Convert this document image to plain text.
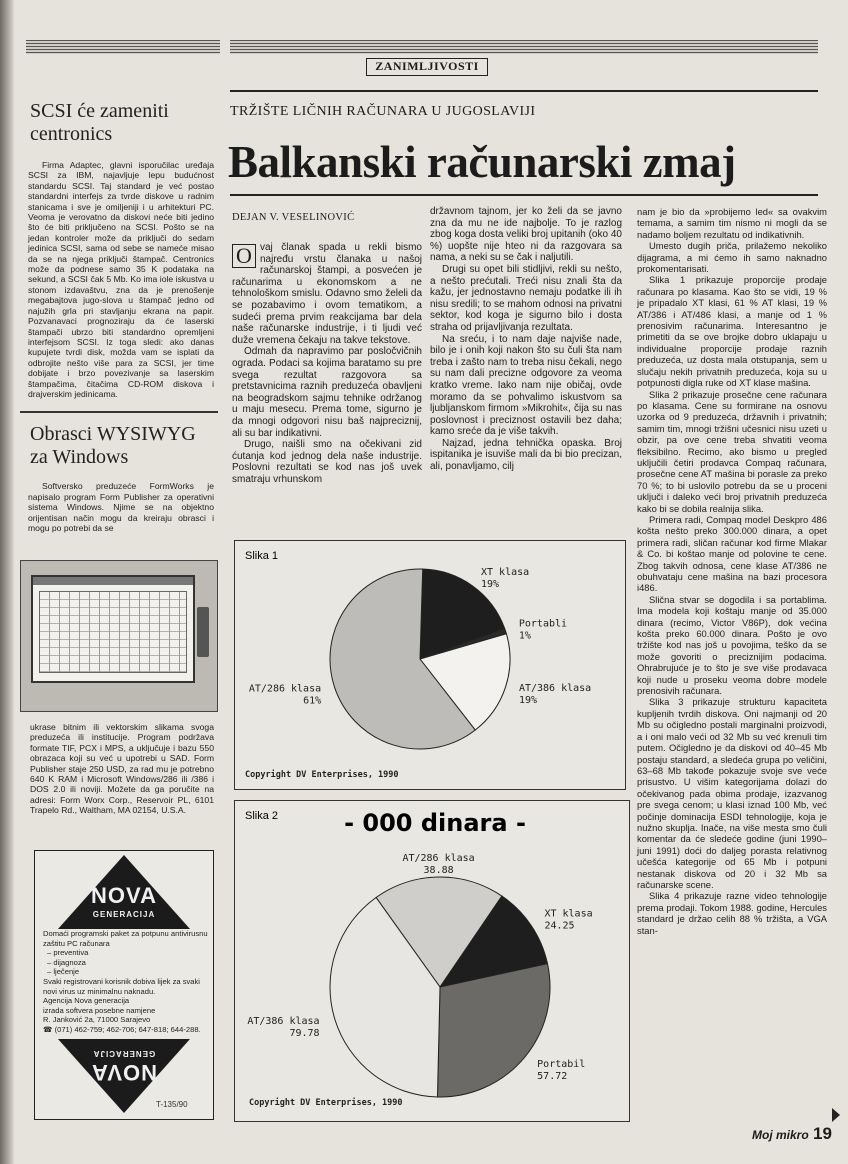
SCSI će zameniti centronics

Firma Adaptec, glavni isporučilac uređaja SCSI za IBM, najavljuje lepu budućnost standardu SCSI. Taj standard je već postao standardni interfejs za tvrde diskove u radnim stanicama i sve je omiljeniji i u arhitekturi PC. Veoma je verovatno da diskovi neće biti jedino što će biti priključeno na SCSI. Pošto se na jedan kontroler može da priključi do sedam jedinica SCSI, sama od sebe se nameće misao da se na njega priključi štampač. Centronics može da podnese samo 35 K podataka na sekund, a SCSI čak 5 Mb. Ko ima iole iskustva u stonom izdavaštvu, zna da je prenošenje megabajtova jugo-slova u štampač jedno od najužih grla pri stavljanju ekrana na papir. Pozvanavaci prognoziraju da će laserski štampači ubrzo biti standardno opremljeni interfejsom SCSI. Iz toga sledi: ako danas kupujete tvrdi disk, možda vam se isplati da odbrojite nešto više para za SCSI, jer time dobijate i brzo povezivanje sa laserskim štampačima, čitačima CD-ROM diskova i drajverskim jedinicama.

Obrasci WYSIWYG za Windows

Softversko preduzeće FormWorks je napisalo program Form Publisher za operativni sistema Windows. Njime se na objektno orijentisan način mogu da kreiraju obrasci i mogu po potrebi da se

ukrase bitnim ili vektorskim slikama svoga preduzeća ili institucije. Program podržava formate TIF, PCX i MPS, a uključuje i bazu 550 obrazaca koji su već u upotrebi u SAD. Form Publisher staje 250 USD, za rad mu je potrebno 640 K RAM i Microsoft Windows/286 ili /386 i DOS 2.0 ili noviji. Možete da ga poručite na adresi: Form Worx Corp., Reservoir PL, 6101 Trapelo Rd., Waltham, MA 02154, U.S.A.

NOVA
GENERACIJA
Domaći programski paket za potpunu antivirusnu zaštitu PC računara
– preventiva
– dijagnoza
– lječenje
Svaki registrovani korisnik dobiva lijek za svaki novi virus uz minimalnu naknadu.
Agencija Nova generacija
izrada softvera posebne namjene
R. Janković 2a, 71000 Sarajevo
☎ (071) 462-759; 462-706; 647-818; 644-288.
NOVA
GENERACIJA
T-135/90
ZANIMLJIVOSTI
TRŽIŠTE LIČNIH RAČUNARA U JUGOSLAVIJI
Balkanski računarski zmaj
DEJAN V. VESELINOVIĆ

O vaj članak spada u rekli bismo najređu vrstu članaka u našoj računarskoj štampi, a posvećen je računarima u ekonomskom a ne tehnološkom smislu. Odavno smo želeli da se pozabavimo i ovom tematikom, a sudeći prema prvim reakcijama bar dela naše računarske industrije, i ti ljudi već duže vremena čekaju na takve tekstove.

Odmah da napravimo par posločvičnih ograda. Podaci sa kojima baratamo su pre svega rezultat razgovora sa pretstavnicima raznih preduzeća obavljeni na beogradskom sajmu tehnike održanog u maju mesecu. Prema tome, sigurno je da mnogi odgovori nisu baš najpreciznij, ali su bar indikativni.

Drugo, naišli smo na očekivani zid ćutanja kod jednog dela naše industrije. Poslovni rezultati se kod nas još uvek smatraju vrhunskom

državnom tajnom, jer ko želi da se javno zna da mu ne ide najbolje. To je razlog zbog koga dosta veliki broj upitanih (oko 40 %) uopšte nije hteo ni da razgovara sa nama, a neki su se čak i naljutili.

Drugi su opet bili stidljivi, rekli su nešto, a nešto prećutali. Treći nisu znali šta da kažu, jer jednostavno nemaju podatke ili ih nisu sredili; to se mahom odnosi na privatni sektor, kod koga je sigurno bilo i dosta straha od prijavljivanja rezultata.

Na sreću, i to nam daje najviše nade, bilo je i onih koji nakon što su čuli šta nam treba i zašto nam to treba nisu čekali, nego su nam dali precizne odgovore za veoma kratko vreme. Iako nam nije običaj, ovde moramo da se pohvalimo iskustvom sa ljubljanskom firmom »Mikrohit«, čija su nas poslovnost i preciznost ostavili bez daha; kamo sreće da je više takvih.

Najzad, jedna tehnička opaska. Broj ispitanika je isuviše mali da bi bio precizan, ali, ponavljamo, cilj

nam je bio da »probijemo led« sa ovakvim temama, a samim tim nismo ni mogli da se nadamo boljem rezultatu od indikativnih.

Umesto dugih priča, prilažemo nekoliko dijagrama, a mi ćemo ih samo naknadno prokomentarisati.

Slika 1 prikazuje proporcije prodaje računara po klasama. Kao što se vidi, 19 % je pripadalo XT klasi, 61 % AT klasi, 19 % AT/386 i AT/486 klasi, a manje od 1 % prenosivim računarima. Interesantno je primetiti da se ove brojke dobro uklapaju u individualne proporcije prodaje raznih preduzeća, uz dosta mala otstupanja, sem u slučaju nekih privatnih preduzeća, koja su u potpunosti digla ruke od XT klase mašina.

Slika 2 prikazuje prosečne cene računara po klasama. Cene su formirane na osnovu uzorka od 9 preduzeća, državnih i privatnih; samim tim, mnogi tržišni učesnici nisu uzeti u obzir, pa ove cene treba shvatiti veoma fleksibilno. Recimo, ako bismo u pregled uključili četiri prodavca Compaq računara, prosečne cene AT mašina bi porasle za preko 70 %; to bi uslovilo potrebu da se u proceni uključi i daleko veći broj privatnih preduzeća kako bi se dobila realnija slika.

Primera radi, Compaq model Deskpro 486 košta nešto preko 300.000 dinara, a opet primera radi, sličan računar kod firme Mlakar & Co. bi koštao manje od polovine te cene. Zbog takvih odnosa, cene klase AT/386 ne obuhvataju cene mašina na bazi procesora i486.

Slična stvar se dogodila i sa portablima. Ima modela koji koštaju manje od 35.000 dinara (recimo, Victor V86P), dok većina košta preko 60.000 dinara. Pošto je ovo tržište kod nas još u povojima, teško da se može govoriti o preciznijim podacima. Ohrabrujuće je to što je sve više prodavaca koji nude u proseku veoma dobre modele prenosivih računara.

Slika 3 prikazuje strukturu kapaciteta kupljenih tvrdih diskova. Oni najmanji od 20 Mb su očigledno postali marginalni proizvodi, a i oni malo veći od 32 Mb su već krenuli tim putem. Očigledno je da diskovi od 40–45 Mb postaju standard, a sledeća grupa po veličini, 63–68 Mb takođe pokazuje svoje sve veće prisustvo. U višim kategorijama dolazi do očekivanog pada obima prodaje, izazvanog pre svega cenom; u klasi iznad 100 Mb, već počinje dominacija ESDI tehnologije, koja je nužno skuplja. Inače, na više mesta smo čuli komentar da će sledeće godine (juni 1990–juni 1991) doći do daljeg porasta relativnog učešća kategorije od 65 Mb i potpuni nestanak diskova od 20 i 32 Mb sa računarske scene.

Slika 4 prikazuje razne video tehnologije prema prodaji. Tokom 1988. godine, Hercules standard je držao celih 88 % tržišta, a VGA stan-

Slika 1
XT klasa
19%
Portabli
1%
AT/386 klasa
19%
AT/286 klasa
61%
Copyright DV Enterprises, 1990
Slika 2	- 000 dinara -
AT/286 klasa
38.88
XT klasa
24.25
Portabil
57.72
AT/386 klasa
79.78
Copyright DV Enterprises, 1990
Moj mikro 19
